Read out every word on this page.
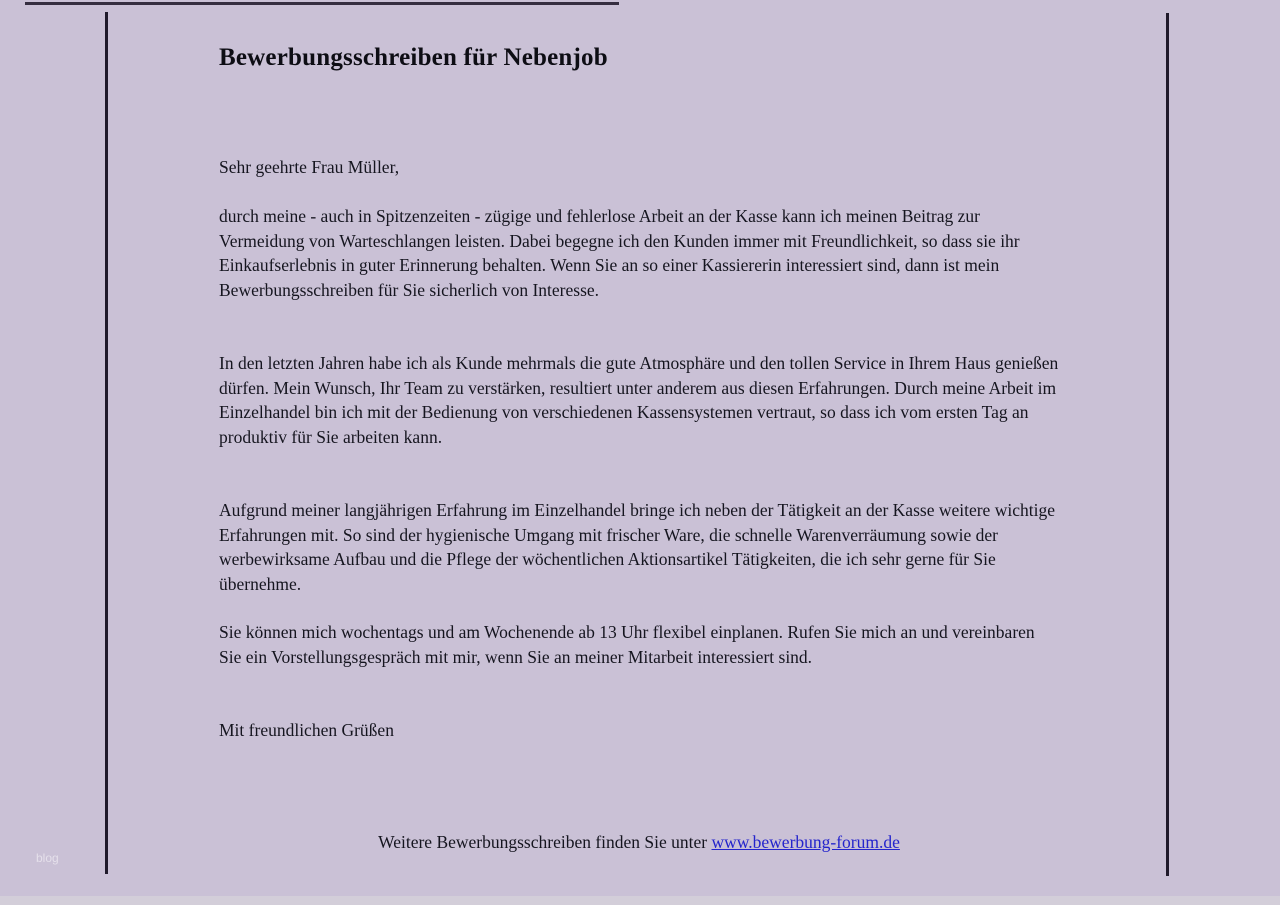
Bewerbungsschreiben für Nebenjob

Sehr geehrte Frau Müller,

durch meine - auch in Spitzenzeiten - zügige und fehlerlose Arbeit an der Kasse kann ich meinen Beitrag zur Vermeidung von Warteschlangen leisten. Dabei begegne ich den Kunden immer mit Freundlichkeit, so dass sie ihr Einkaufserlebnis in guter Erinnerung behalten. Wenn Sie an so einer Kassiererin interessiert sind, dann ist mein Bewerbungsschreiben für Sie sicherlich von Interesse.

In den letzten Jahren habe ich als Kunde mehrmals die gute Atmosphäre und den tollen Service in Ihrem Haus genießen dürfen. Mein Wunsch, Ihr Team zu verstärken, resultiert unter anderem aus diesen Erfahrungen. Durch meine Arbeit im Einzelhandel bin ich mit der Bedienung von verschiedenen Kassensystemen vertraut, so dass ich vom ersten Tag an produktiv für Sie arbeiten kann.

Aufgrund meiner langjährigen Erfahrung im Einzelhandel bringe ich neben der Tätigkeit an der Kasse weitere wichtige Erfahrungen mit. So sind der hygienische Umgang mit frischer Ware, die schnelle Warenverräumung sowie der werbewirksame Aufbau und die Pflege der wöchentlichen Aktionsartikel Tätigkeiten, die ich sehr gerne für Sie übernehme.

Sie können mich wochentags und am Wochenende ab 13 Uhr flexibel einplanen. Rufen Sie mich an und vereinbaren Sie ein Vorstellungsgespräch mit mir, wenn Sie an meiner Mitarbeit interessiert sind.

Mit freundlichen Grüßen

Weitere Bewerbungsschreiben finden Sie unter www.bewerbung-forum.de

blog
